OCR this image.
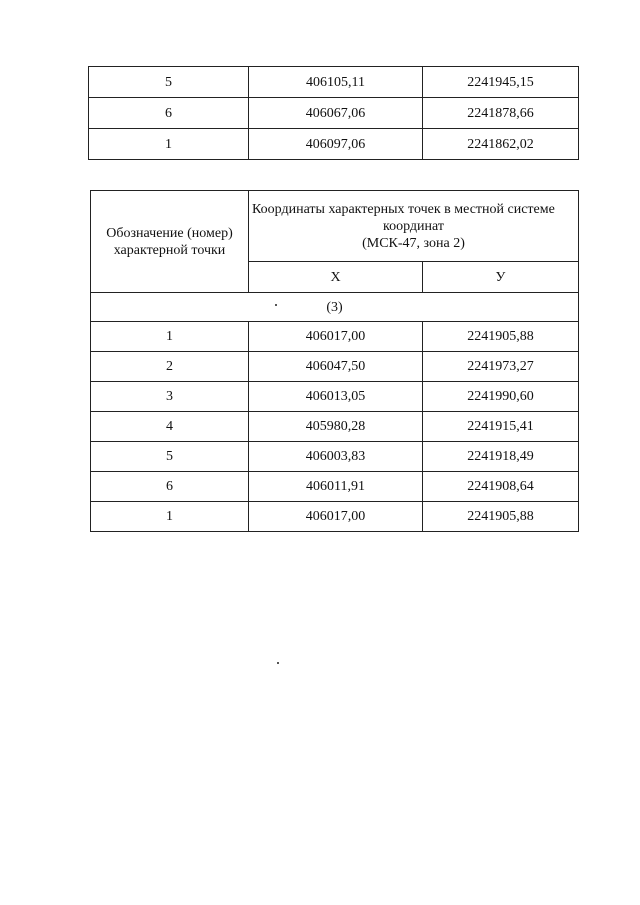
5	406105,11	2241945,15
6	406067,06	2241878,66
1	406097,06	2241862,02
Обозначение (номер) характерной точки	Координаты характерных точек в местной системе
координат
(МСК-47, зона 2)	

	X	У
(3)		
1	406017,00	2241905,88
2	406047,50	2241973,27
3	406013,05	2241990,60
4	405980,28	2241915,41
5	406003,83	2241918,49
6	406011,91	2241908,64
1	406017,00	2241905,88
